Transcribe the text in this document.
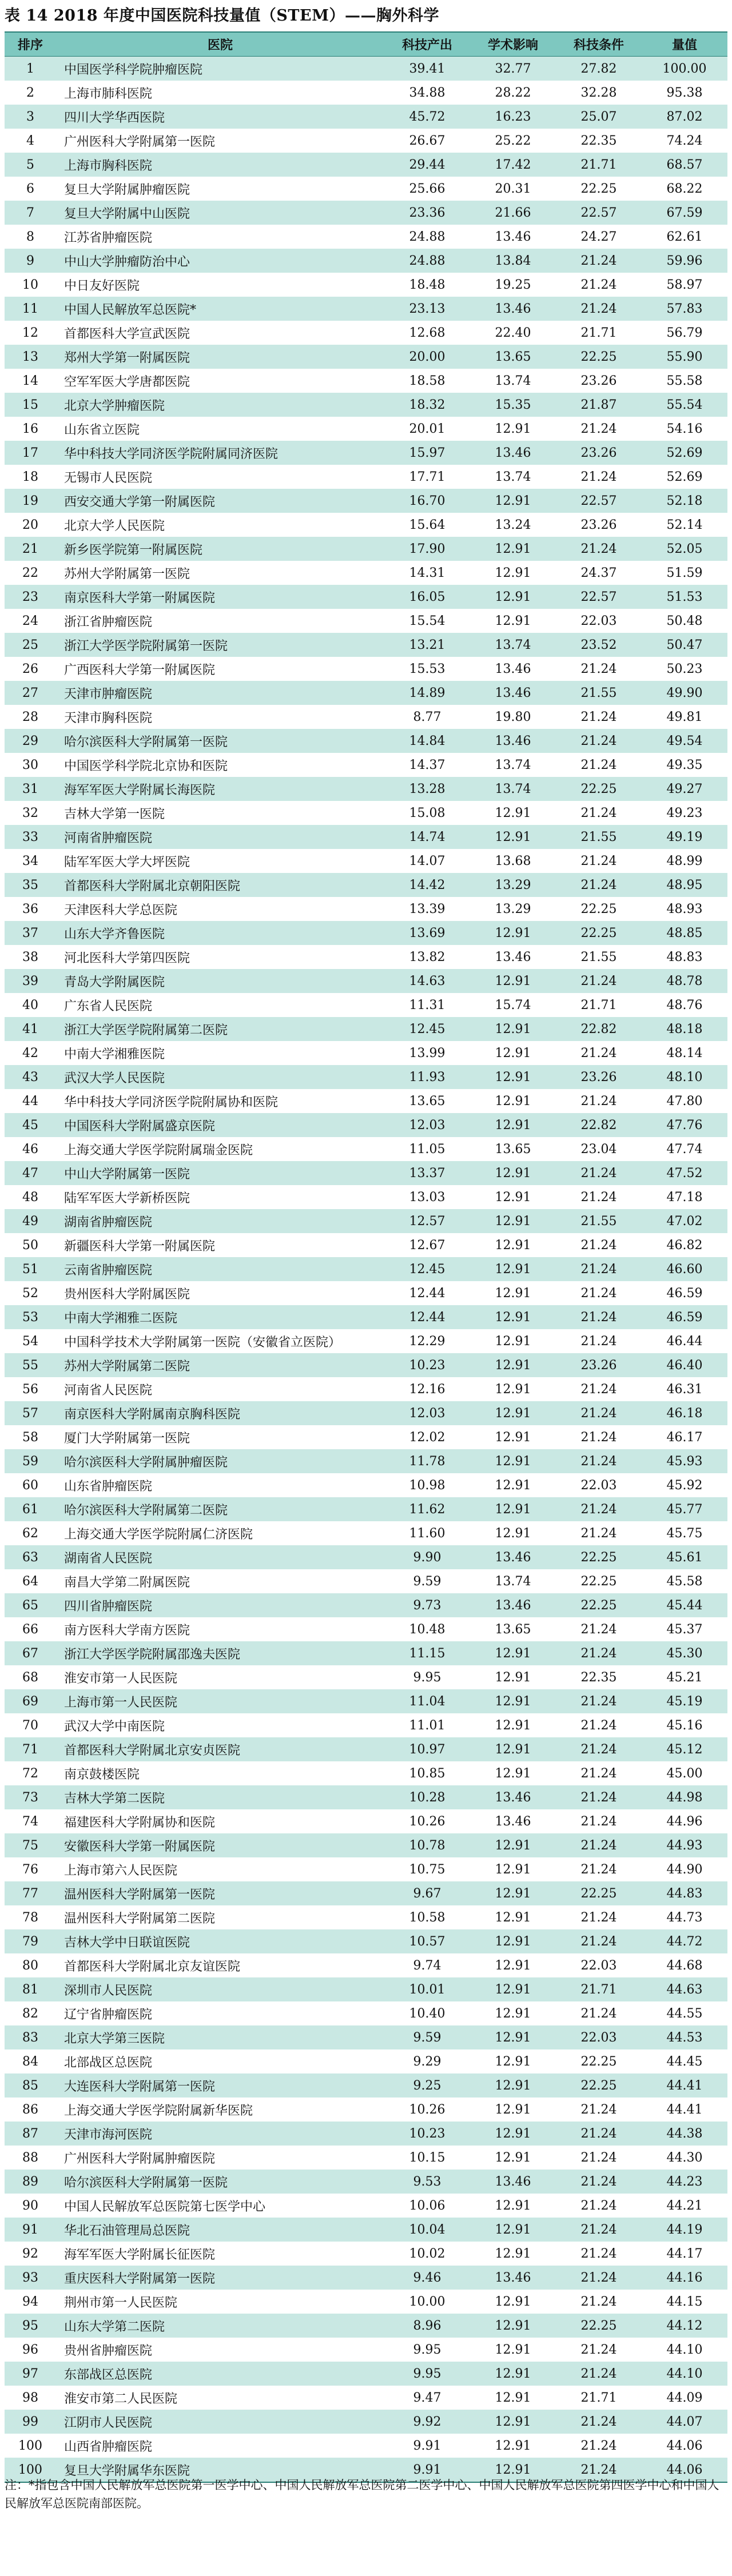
表 14 2018 年度中国医院科技量值（STEM）——胸外科学
排序	医院	科技产出	学术影响	科技条件	量值
1	中国医学科学院肿瘤医院	39.41	32.77	27.82	100.00
2	上海市肺科医院	34.88	28.22	32.28	95.38
3	四川大学华西医院	45.72	16.23	25.07	87.02
4	广州医科大学附属第一医院	26.67	25.22	22.35	74.24
5	上海市胸科医院	29.44	17.42	21.71	68.57
6	复旦大学附属肿瘤医院	25.66	20.31	22.25	68.22
7	复旦大学附属中山医院	23.36	21.66	22.57	67.59
8	江苏省肿瘤医院	24.88	13.46	24.27	62.61
9	中山大学肿瘤防治中心	24.88	13.84	21.24	59.96
10	中日友好医院	18.48	19.25	21.24	58.97
11	中国人民解放军总医院*	23.13	13.46	21.24	57.83
12	首都医科大学宣武医院	12.68	22.40	21.71	56.79
13	郑州大学第一附属医院	20.00	13.65	22.25	55.90
14	空军军医大学唐都医院	18.58	13.74	23.26	55.58
15	北京大学肿瘤医院	18.32	15.35	21.87	55.54
16	山东省立医院	20.01	12.91	21.24	54.16
17	华中科技大学同济医学院附属同济医院	15.97	13.46	23.26	52.69
18	无锡市人民医院	17.71	13.74	21.24	52.69
19	西安交通大学第一附属医院	16.70	12.91	22.57	52.18
20	北京大学人民医院	15.64	13.24	23.26	52.14
21	新乡医学院第一附属医院	17.90	12.91	21.24	52.05
22	苏州大学附属第一医院	14.31	12.91	24.37	51.59
23	南京医科大学第一附属医院	16.05	12.91	22.57	51.53
24	浙江省肿瘤医院	15.54	12.91	22.03	50.48
25	浙江大学医学院附属第一医院	13.21	13.74	23.52	50.47
26	广西医科大学第一附属医院	15.53	13.46	21.24	50.23
27	天津市肿瘤医院	14.89	13.46	21.55	49.90
28	天津市胸科医院	8.77	19.80	21.24	49.81
29	哈尔滨医科大学附属第一医院	14.84	13.46	21.24	49.54
30	中国医学科学院北京协和医院	14.37	13.74	21.24	49.35
31	海军军医大学附属长海医院	13.28	13.74	22.25	49.27
32	吉林大学第一医院	15.08	12.91	21.24	49.23
33	河南省肿瘤医院	14.74	12.91	21.55	49.19
34	陆军军医大学大坪医院	14.07	13.68	21.24	48.99
35	首都医科大学附属北京朝阳医院	14.42	13.29	21.24	48.95
36	天津医科大学总医院	13.39	13.29	22.25	48.93
37	山东大学齐鲁医院	13.69	12.91	22.25	48.85
38	河北医科大学第四医院	13.82	13.46	21.55	48.83
39	青岛大学附属医院	14.63	12.91	21.24	48.78
40	广东省人民医院	11.31	15.74	21.71	48.76
41	浙江大学医学院附属第二医院	12.45	12.91	22.82	48.18
42	中南大学湘雅医院	13.99	12.91	21.24	48.14
43	武汉大学人民医院	11.93	12.91	23.26	48.10
44	华中科技大学同济医学院附属协和医院	13.65	12.91	21.24	47.80
45	中国医科大学附属盛京医院	12.03	12.91	22.82	47.76
46	上海交通大学医学院附属瑞金医院	11.05	13.65	23.04	47.74
47	中山大学附属第一医院	13.37	12.91	21.24	47.52
48	陆军军医大学新桥医院	13.03	12.91	21.24	47.18
49	湖南省肿瘤医院	12.57	12.91	21.55	47.02
50	新疆医科大学第一附属医院	12.67	12.91	21.24	46.82
51	云南省肿瘤医院	12.45	12.91	21.24	46.60
52	贵州医科大学附属医院	12.44	12.91	21.24	46.59
53	中南大学湘雅二医院	12.44	12.91	21.24	46.59
54	中国科学技术大学附属第一医院（安徽省立医院）	12.29	12.91	21.24	46.44
55	苏州大学附属第二医院	10.23	12.91	23.26	46.40
56	河南省人民医院	12.16	12.91	21.24	46.31
57	南京医科大学附属南京胸科医院	12.03	12.91	21.24	46.18
58	厦门大学附属第一医院	12.02	12.91	21.24	46.17
59	哈尔滨医科大学附属肿瘤医院	11.78	12.91	21.24	45.93
60	山东省肿瘤医院	10.98	12.91	22.03	45.92
61	哈尔滨医科大学附属第二医院	11.62	12.91	21.24	45.77
62	上海交通大学医学院附属仁济医院	11.60	12.91	21.24	45.75
63	湖南省人民医院	9.90	13.46	22.25	45.61
64	南昌大学第二附属医院	9.59	13.74	22.25	45.58
65	四川省肿瘤医院	9.73	13.46	22.25	45.44
66	南方医科大学南方医院	10.48	13.65	21.24	45.37
67	浙江大学医学院附属邵逸夫医院	11.15	12.91	21.24	45.30
68	淮安市第一人民医院	9.95	12.91	22.35	45.21
69	上海市第一人民医院	11.04	12.91	21.24	45.19
70	武汉大学中南医院	11.01	12.91	21.24	45.16
71	首都医科大学附属北京安贞医院	10.97	12.91	21.24	45.12
72	南京鼓楼医院	10.85	12.91	21.24	45.00
73	吉林大学第二医院	10.28	13.46	21.24	44.98
74	福建医科大学附属协和医院	10.26	13.46	21.24	44.96
75	安徽医科大学第一附属医院	10.78	12.91	21.24	44.93
76	上海市第六人民医院	10.75	12.91	21.24	44.90
77	温州医科大学附属第一医院	9.67	12.91	22.25	44.83
78	温州医科大学附属第二医院	10.58	12.91	21.24	44.73
79	吉林大学中日联谊医院	10.57	12.91	21.24	44.72
80	首都医科大学附属北京友谊医院	9.74	12.91	22.03	44.68
81	深圳市人民医院	10.01	12.91	21.71	44.63
82	辽宁省肿瘤医院	10.40	12.91	21.24	44.55
83	北京大学第三医院	9.59	12.91	22.03	44.53
84	北部战区总医院	9.29	12.91	22.25	44.45
85	大连医科大学附属第一医院	9.25	12.91	22.25	44.41
86	上海交通大学医学院附属新华医院	10.26	12.91	21.24	44.41
87	天津市海河医院	10.23	12.91	21.24	44.38
88	广州医科大学附属肿瘤医院	10.15	12.91	21.24	44.30
89	哈尔滨医科大学附属第一医院	9.53	13.46	21.24	44.23
90	中国人民解放军总医院第七医学中心	10.06	12.91	21.24	44.21
91	华北石油管理局总医院	10.04	12.91	21.24	44.19
92	海军军医大学附属长征医院	10.02	12.91	21.24	44.17
93	重庆医科大学附属第一医院	9.46	13.46	21.24	44.16
94	荆州市第一人民医院	10.00	12.91	21.24	44.15
95	山东大学第二医院	8.96	12.91	22.25	44.12
96	贵州省肿瘤医院	9.95	12.91	21.24	44.10
97	东部战区总医院	9.95	12.91	21.24	44.10
98	淮安市第二人民医院	9.47	12.91	21.71	44.09
99	江阴市人民医院	9.92	12.91	21.24	44.07
100	山西省肿瘤医院	9.91	12.91	21.24	44.06
100	复旦大学附属华东医院	9.91	12.91	21.24	44.06
注：*指包含中国人民解放军总医院第一医学中心、中国人民解放军总医院第二医学中心、中国人民解放军总医院第四医学中心和中国人民解放军总医院南部医院。
